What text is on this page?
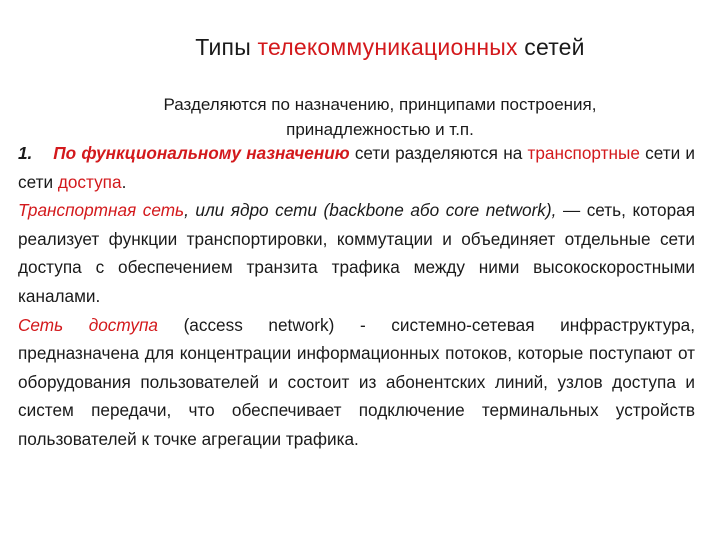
Типы телекоммуникационных сетей
Разделяются по назначению, принципами построения,
принадлежностью и т.п.

1. По функциональному назначению сети разделяются на транспортные сети и сети доступа.

Транспортная сеть, или ядро сети (backbone або core network), — сеть, которая реализует функции транспортировки, коммутации и объединяет отдельные сети доступа с обеспечением транзита трафика между ними высокоскоростными каналами.

Сеть доступа (access network) - системно-сетевая инфраструктура, предназначена для концентрации информационных потоков, которые поступают от оборудования пользователей и состоит из абонентских линий, узлов доступа и систем передачи, что обеспечивает подключение терминальных устройств пользователей к точке агрегации трафика.
